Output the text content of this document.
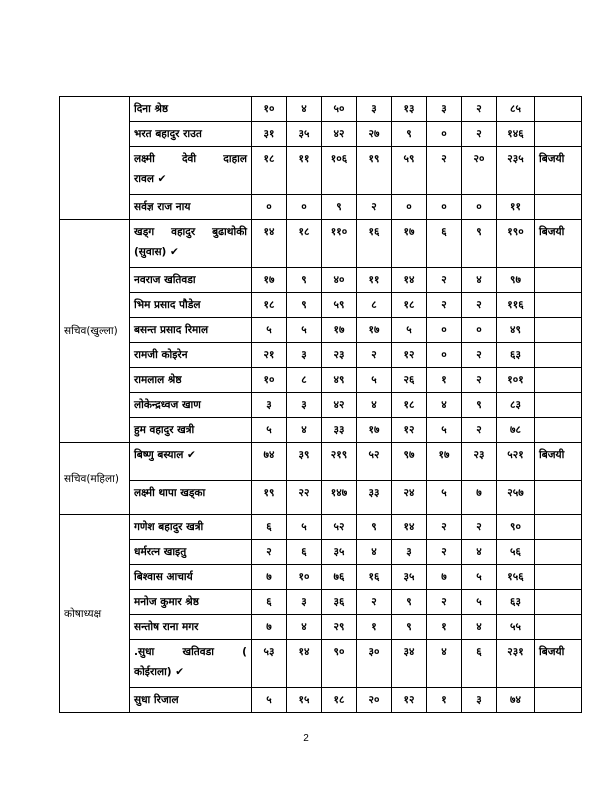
	दिना श्रेष्ठ	१०	४	५०	३	१३	३	२	८५	
	भरत बहादुर राउत	३१	३५	४२	२७	९	०	२	१४६	

	लक्ष्मी देवी दाहाल
रावल ✔	१८	११	१०६	१९	५९	२	२०	२३५	बिजयी
	सर्वज्ञ राज नाय	०	०	९	२	०	०	०	११	
सचिव(खुल्ला)	खड्ग वहादुर बुढाथोकी
(सुवास) ✔	१४	१८	११०	१६	१७	६	९	१९०	बिजयी
	नवराज खतिवडा	१७	९	४०	११	१४	२	४	९७	
	भिम प्रसाद पौडेल	१८	९	५९	८	१८	२	२	११६	
	बसन्त प्रसाद रिमाल	५	५	१७	१७	५	०	०	४९	
	रामजी कोइरेन	२१	३	२३	२	१२	०	२	६३	
	रामलाल श्रेष्ठ	१०	८	४९	५	२६	१	२	१०१	
	लोकेन्द्रध्वज खाण	३	३	४२	४	१८	४	९	८३	
	हुम वहादुर खत्री	५	४	३३	१७	१२	५	२	७८	
सचिव(महिला)	बिष्णु बस्याल ✔	७४	३९	२१९	५२	९७	१७	२३	५२१	बिजयी
	लक्ष्मी थापा खड्का	१९	२२	१४७	३३	२४	५	७	२५७	
कोषाध्यक्ष	गणेश बहादुर खत्री	६	५	५२	९	१४	२	२	९०	
	धर्मरत्न खाइतु	२	६	३५	४	३	२	४	५६	
	बिश्वास आचार्य	७	१०	७६	१६	३५	७	५	१५६	
	मनोज कुमार श्रेष्ठ	६	३	३६	२	९	२	५	६३	
	सन्तोष राना मगर	७	४	२९	१	९	१	४	५५	

	.सुधा खतिवडा (
कोईराला) ✔	५३	१४	९०	३०	३४	४	६	२३१	बिजयी
	सुधा रिजाल	५	१५	१८	२०	१२	१	३	७४	
2
